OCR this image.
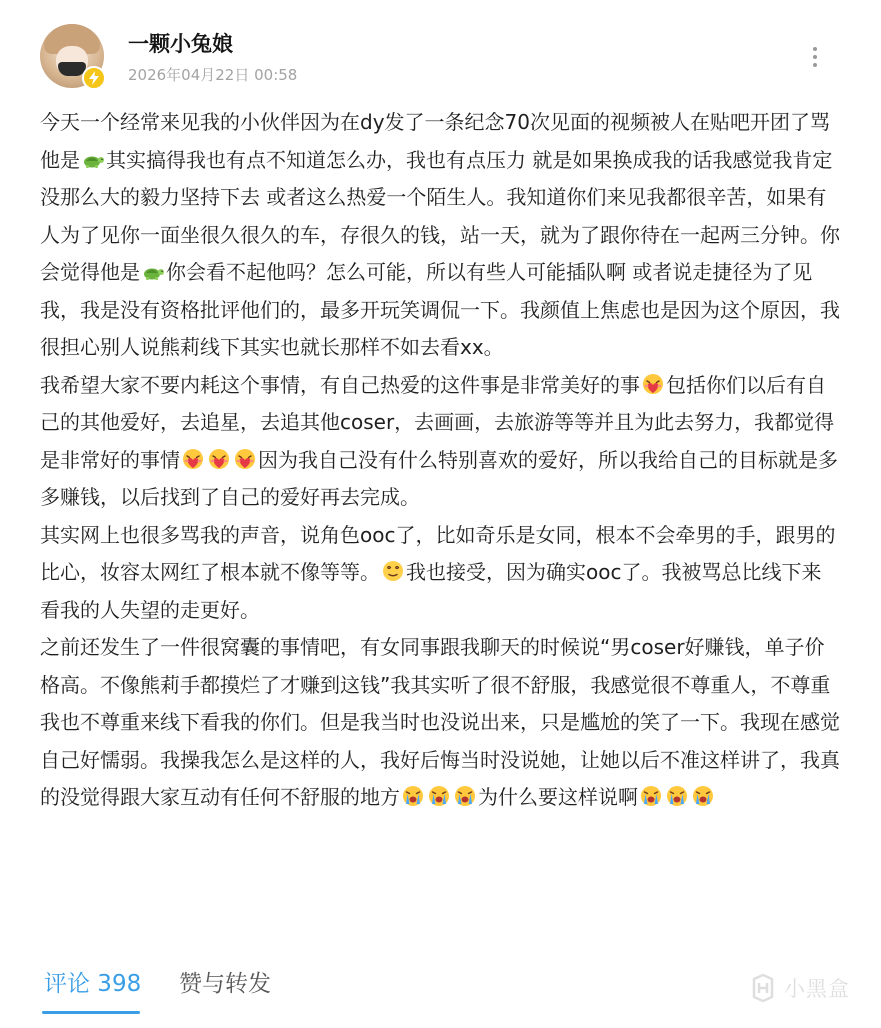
一颗小兔娘
2026年04月22日 00:58

今天一个经常来见我的小伙伴因为在dy发了一条纪念70次见面的视频被人在贴吧开团了骂他是 其实搞得我也有点不知道怎么办，我也有点压力 就是如果换成我的话我感觉我肯定没那么大的毅力坚持下去 或者这么热爱一个陌生人。我知道你们来见我都很辛苦，如果有人为了见你一面坐很久很久的车，存很久的钱，站一天，就为了跟你待在一起两三分钟。你会觉得他是 你会看不起他吗？怎么可能，所以有些人可能插队啊 或者说走捷径为了见我，我是没有资格批评他们的，最多开玩笑调侃一下。我颜值上焦虑也是因为这个原因，我很担心别人说熊莉线下其实也就长那样不如去看xx。

我希望大家不要内耗这个事情，有自己热爱的这件事是非常美好的事 包括你们以后有自己的其他爱好，去追星，去追其他coser，去画画，去旅游等等并且为此去努力，我都觉得是非常好的事情	因为我自己没有什么特别喜欢的爱好，所以我给自己的目标就是多多赚钱，以后找到了自己的爱好再去完成。

其实网上也很多骂我的声音，说角色ooc了，比如奇乐是女同，根本不会牵男的手，跟男的比心，妆容太网红了根本就不像等等。 我也接受，因为确实ooc了。我被骂总比线下来看我的人失望的走更好。

之前还发生了一件很窝囊的事情吧，有女同事跟我聊天的时候说“男coser好赚钱，单子价格高。不像熊莉手都摸烂了才赚到这钱”我其实听了很不舒服，我感觉很不尊重人，不尊重我也不尊重来线下看我的你们。但是我当时也没说出来，只是尴尬的笑了一下。我现在感觉自己好懦弱。我操我怎么是这样的人，我好后悔当时没说她，让她以后不准这样讲了，我真的没觉得跟大家互动有任何不舒服的地方	为什么要这样说啊

评论 398 赞与转发	小黑盒
